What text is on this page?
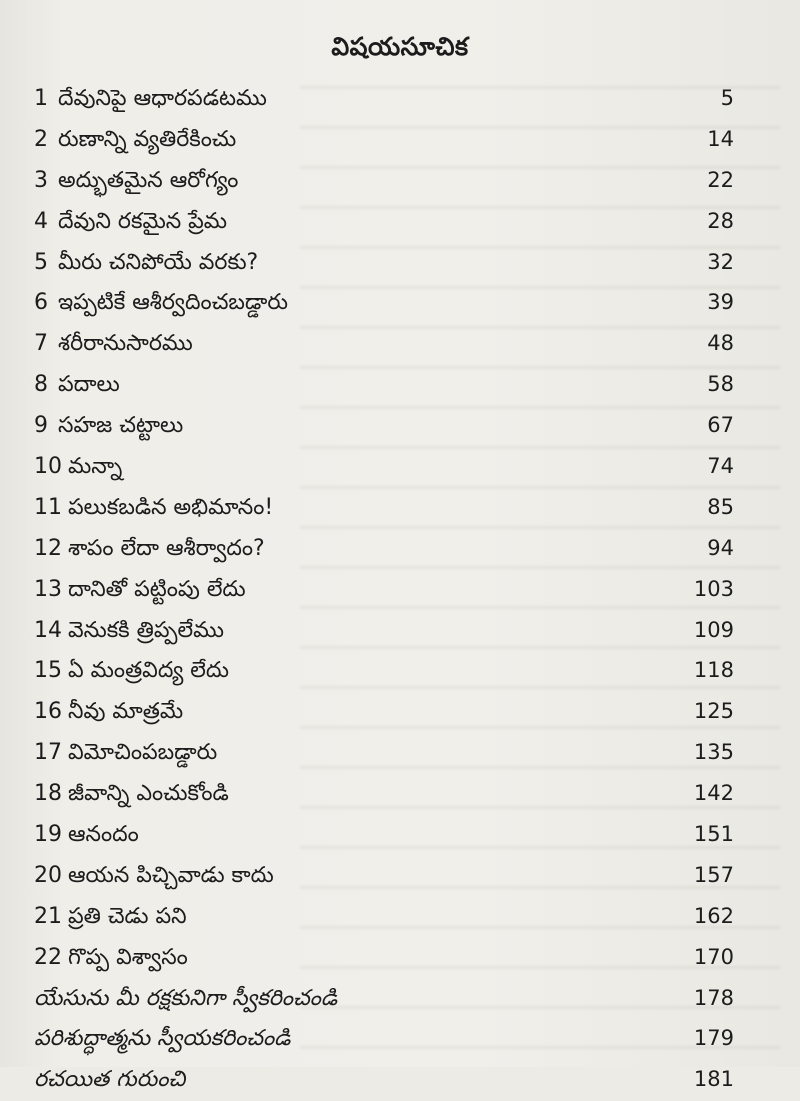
విషయసూచిక
1 దేవునిపై ఆధారపడటము	5
2 రుణాన్ని వ్యతిరేకించు	14
3 అద్భుతమైన ఆరోగ్యం	22
4 దేవుని రకమైన ప్రేమ	28
5 మీరు చనిపోయే వరకు?	32
6 ఇప్పటికే ఆశీర్వదించబడ్డారు	39
7 శరీరానుసారము	48
8 పదాలు	58
9 సహజ చట్టాలు	67
10 మన్నా	74
11 పలుకబడిన అభిమానం!	85
12 శాపం లేదా ఆశీర్వాదం?	94
13 దానితో పట్టింపు లేదు	103
14 వెనుకకి త్రిప్పలేము	109
15 ఏ మంత్రవిద్య లేదు	118
16 నీవు మాత్రమే	125
17 విమోచింపబడ్డారు	135
18 జీవాన్ని ఎంచుకోండి	142
19 ఆనందం	151
20 ఆయన పిచ్చివాడు కాదు	157
21 ప్రతి చెడు పని	162
22 గొప్ప విశ్వాసం	170
యేసును మీ రక్షకునిగా స్వీకరించండి	178
పరిశుద్ధాత్మను స్వీయకరించండి	179
రచయిత గురుంచి	181
